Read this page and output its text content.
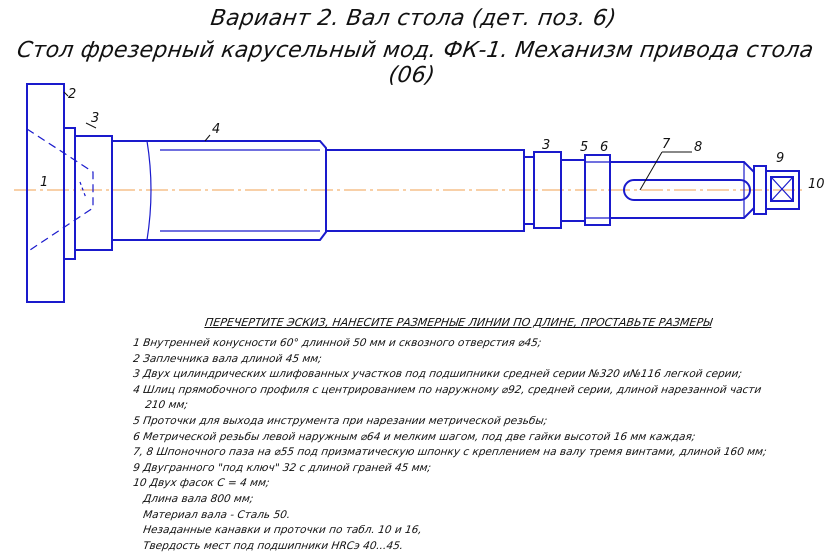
Вариант 2. Вал стола (дет. поз. 6)
Стол фрезерный карусельный мод. ФК-1. Механизм привода стола (06)
1
2
3
4
3 5 6	7 8
9
10
ПЕРЕЧЕРТИТЕ ЭСКИЗ, НАНЕСИТЕ РАЗМЕРНЫЕ ЛИНИИ ПО ДЛИНЕ, ПРОСТАВЬТЕ РАЗМЕРЫ
1 Внутренней конусности 60° длинной 50 мм и сквозного отверстия ⌀45;
2 Заплечника вала длиной 45 мм;
3 Двух цилиндрических шлифованных участков под подшипники средней серии №320 и№116 легкой серии;
4 Шлиц прямобочного профиля с центрированием по наружному ⌀92, средней серии, длиной нарезанной части
210 мм;
5 Проточки для выхода инструмента при нарезании метрической резьбы;
6 Метрической резьбы левой наружным ⌀64 и мелким шагом, под две гайки высотой 16 мм каждая;
7, 8 Шпоночного паза на ⌀55 под призматическую шпонку с креплением на валу тремя винтами, длиной 160 мм;
9 Двугранного "под ключ" 32 с длиной граней 45 мм;
10 Двух фасок С = 4 мм;
Длина вала 800 мм;
Материал вала - Сталь 50.
Незаданные канавки и проточки по табл. 10 и 16,
Твердость мест под подшипники HRCэ 40...45.
